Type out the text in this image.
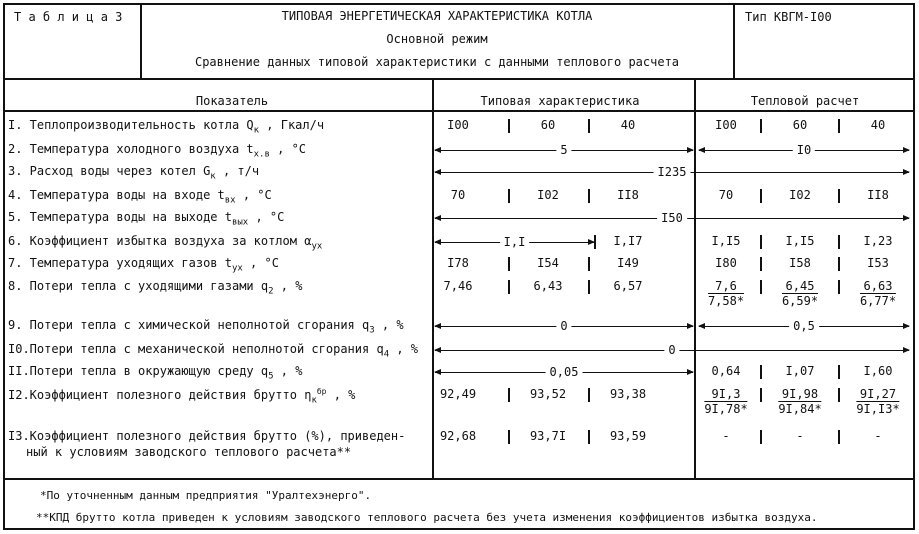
Т а б л и ц а 3	ТИПОВАЯ ЭНЕРГЕТИЧЕСКАЯ ХАРАКТЕРИСТИКА КОТЛА
Основной режим
Сравнение данных типовой характеристики с данными теплового расчета
Тип КВГМ-I00
Показатель	Типовая характеристика	Тепловой расчет
I. Теплопроизводительность котла $Q_к$ , Гкал/ч	I00	60	40	I00	60	40
2. Температура холодного воздуха $t_{х.в}$ , °С	5	I0
3. Расход воды через котел $G_к$ , т/ч	I235
4. Температура воды на входе $t_{вх}$ , °С	70	I02	II8	70	I02	II8
5. Температура воды на выходе $t_{вых}$ , °С	I50
6. Коэффициент избытка воздуха за котлом $\alpha_{ух}$	I,I	I,I7	I,I5	I,I5	I,23
7. Температура уходящих газов $t_{ух}$ , °С	I78	I54	I49	I80	I58	I53
8. Потери тепла с уходящими газами $q_2$ , %	7,46	6,43	6,57	$\frac{7,6}{7,58*}$	$\frac{6,45}{6,59*}$	$\frac{6,63}{6,77*}$
9. Потери тепла с химической неполнотой сгорания $q_3$ , %	0	0,5
I0.Потери тепла с механической неполнотой сгорания $q_4$ , %	0
II.Потери тепла в окружающую среду $q_5$ , %	0,05	0,64	I,07	I,60
I2.Коэффициент полезного действия брутто $\eta_к^{бр}$ , %	92,49	93,52	93,38	$\frac{9I,3}{9I,78*}$	$\frac{9I,98}{9I,84*}$	$\frac{9I,27}{9I,I3*}$
I3.Коэффициент полезного действия брутто (%), приведен-
ный к условиям заводского теплового расчета**
92,68	93,7I	93,59	-	-	-
*По уточненным данным предприятия "Уралтехэнерго".
**КПД брутто котла приведен к условиям заводского теплового расчета без учета изменения коэффициентов избытка воздуха.
